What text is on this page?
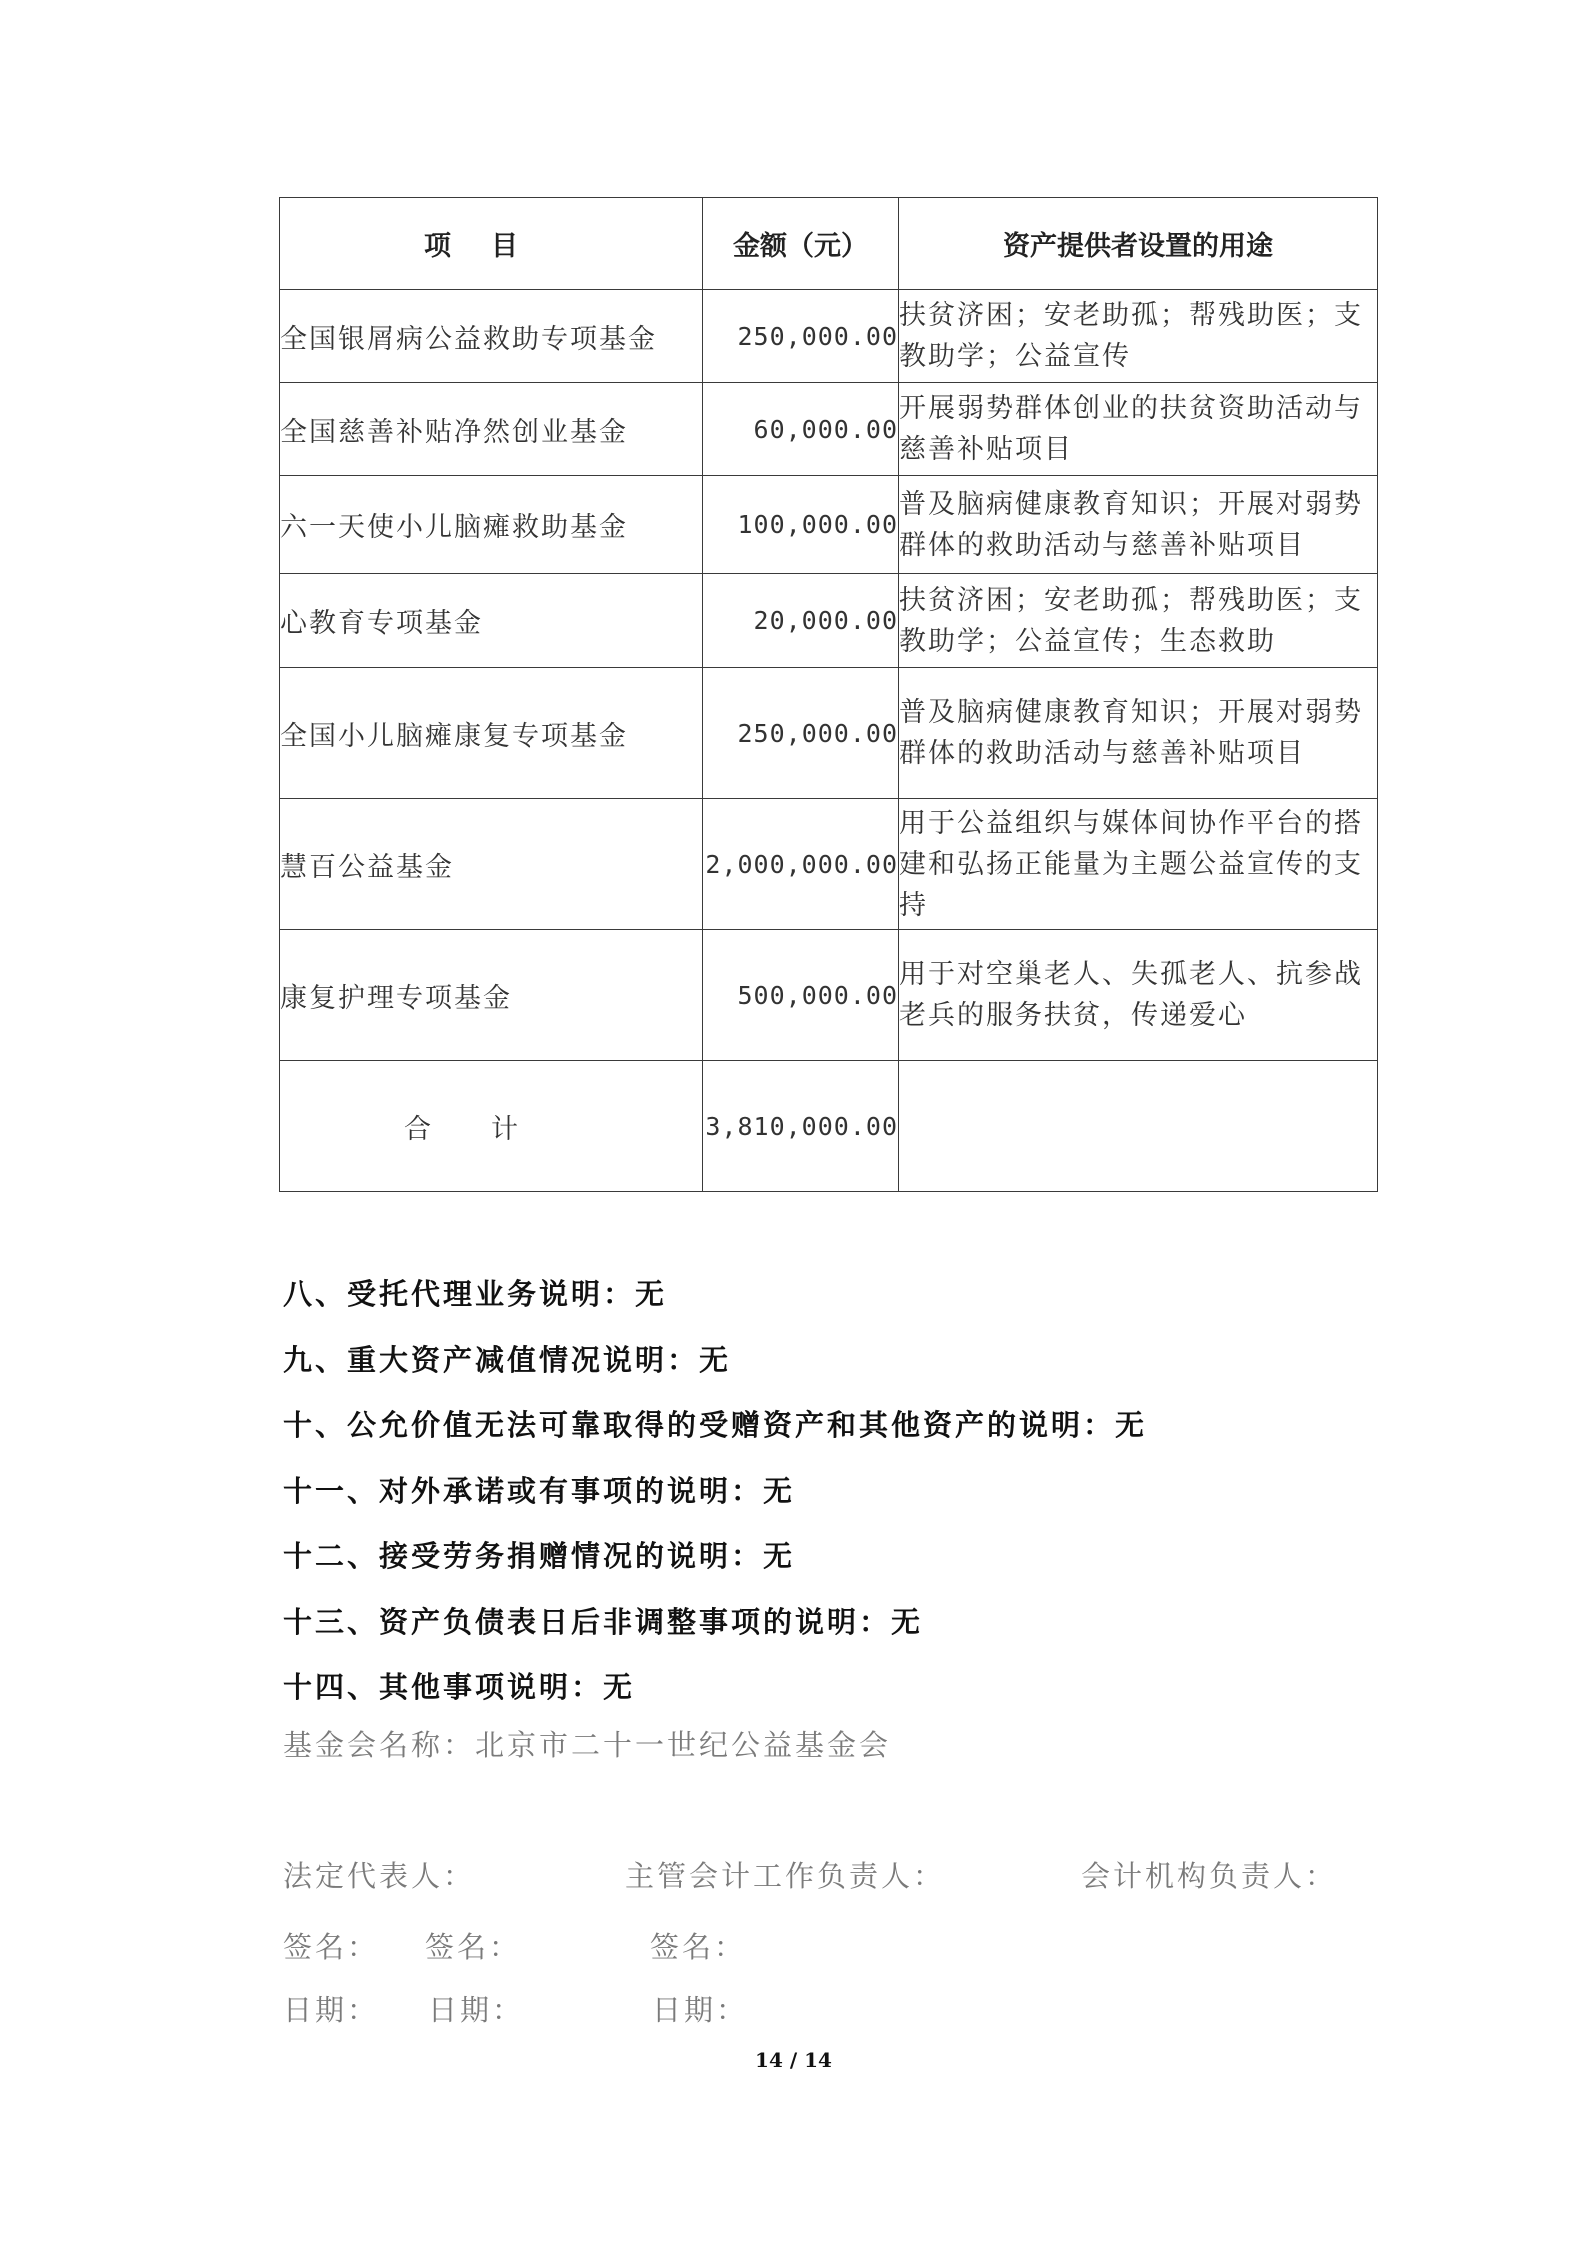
项目	金额（元）	资产提供者设置的用途
全国银屑病公益救助专项基金	250,000.00	扶贫济困；安老助孤；帮残助医；支教助学；公益宣传
全国慈善补贴净然创业基金	60,000.00	开展弱势群体创业的扶贫资助活动与慈善补贴项目
六一天使小儿脑瘫救助基金	100,000.00	普及脑病健康教育知识；开展对弱势群体的救助活动与慈善补贴项目
心教育专项基金	20,000.00	扶贫济困；安老助孤；帮残助医；支教助学；公益宣传；生态救助
全国小儿脑瘫康复专项基金	250,000.00	普及脑病健康教育知识；开展对弱势群体的救助活动与慈善补贴项目
慧百公益基金	2,000,000.00	用于公益组织与媒体间协作平台的搭建和弘扬正能量为主题公益宣传的支持
康复护理专项基金	500,000.00	用于对空巢老人、失孤老人、抗参战老兵的服务扶贫，传递爱心
合计	3,810,000.00	
八、受托代理业务说明：无
九、重大资产减值情况说明：无
十、公允价值无法可靠取得的受赠资产和其他资产的说明：无
十一、对外承诺或有事项的说明：无
十二、接受劳务捐赠情况的说明：无
十三、资产负债表日后非调整事项的说明：无
十四、其他事项说明：无
基金会名称：北京市二十一世纪公益基金会
法定代表人：	主管会计工作负责人：	会计机构负责人：
签名： 签名：	签名：
日期： 日期：	日期：
14 / 14
